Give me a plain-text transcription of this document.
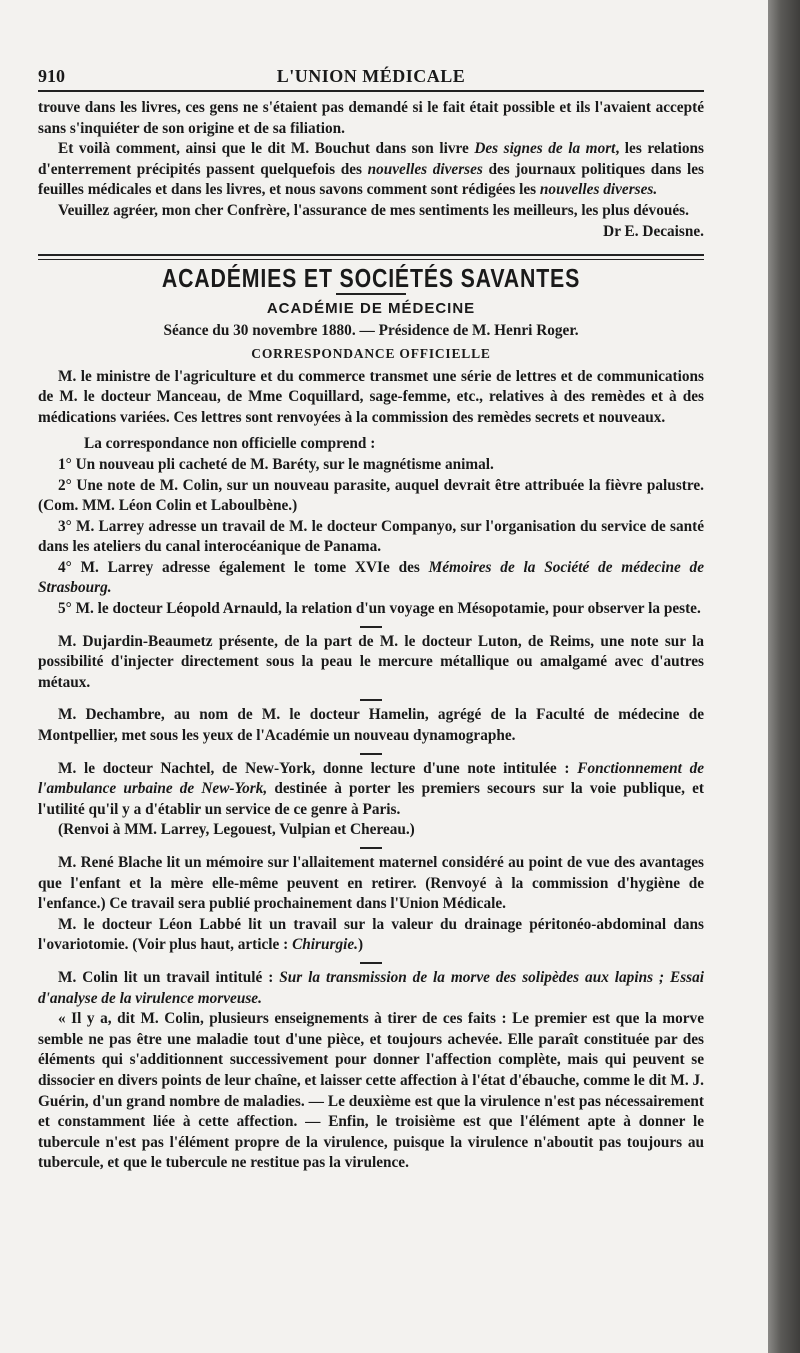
910	L'UNION MÉDICALE

trouve dans les livres, ces gens ne s'étaient pas demandé si le fait était possible et ils l'avaient accepté sans s'inquiéter de son origine et de sa filiation.

Et voilà comment, ainsi que le dit M. Bouchut dans son livre Des signes de la mort, les relations d'enterrement précipités passent quelquefois des nouvelles diverses des journaux politiques dans les feuilles médicales et dans les livres, et nous savons comment sont rédigées les nouvelles diverses.

Veuillez agréer, mon cher Confrère, l'assurance de mes sentiments les meilleurs, les plus dévoués.

Dr E. Decaisne.
ACADÉMIES ET SOCIÉTÉS SAVANTES
ACADÉMIE DE MÉDECINE
Séance du 30 novembre 1880. — Présidence de M. Henri Roger.
CORRESPONDANCE OFFICIELLE

M. le ministre de l'agriculture et du commerce transmet une série de lettres et de communications de M. le docteur Manceau, de Mme Coquillard, sage-femme, etc., relatives à des remèdes et à des médications variées. Ces lettres sont renvoyées à la commission des remèdes secrets et nouveaux.

La correspondance non officielle comprend :

1° Un nouveau pli cacheté de M. Baréty, sur le magnétisme animal.

2° Une note de M. Colin, sur un nouveau parasite, auquel devrait être attribuée la fièvre palustre. (Com. MM. Léon Colin et Laboulbène.)

3° M. Larrey adresse un travail de M. le docteur Companyo, sur l'organisation du service de santé dans les ateliers du canal interocéanique de Panama.

4° M. Larrey adresse également le tome XVIe des Mémoires de la Société de médecine de Strasbourg.

5° M. le docteur Léopold Arnauld, la relation d'un voyage en Mésopotamie, pour observer la peste.

M. Dujardin-Beaumetz présente, de la part de M. le docteur Luton, de Reims, une note sur la possibilité d'injecter directement sous la peau le mercure métallique ou amalgamé avec d'autres métaux.

M. Dechambre, au nom de M. le docteur Hamelin, agrégé de la Faculté de médecine de Montpellier, met sous les yeux de l'Académie un nouveau dynamographe.

M. le docteur Nachtel, de New-York, donne lecture d'une note intitulée : Fonctionnement de l'ambulance urbaine de New-York, destinée à porter les premiers secours sur la voie publique, et l'utilité qu'il y a d'établir un service de ce genre à Paris.

(Renvoi à MM. Larrey, Legouest, Vulpian et Chereau.)

M. René Blache lit un mémoire sur l'allaitement maternel considéré au point de vue des avantages que l'enfant et la mère elle-même peuvent en retirer. (Renvoyé à la commission d'hygiène de l'enfance.) Ce travail sera publié prochainement dans l'Union Médicale.

M. le docteur Léon Labbé lit un travail sur la valeur du drainage péritonéo-abdominal dans l'ovariotomie. (Voir plus haut, article : Chirurgie.)

M. Colin lit un travail intitulé : Sur la transmission de la morve des solipèdes aux lapins ; Essai d'analyse de la virulence morveuse.

« Il y a, dit M. Colin, plusieurs enseignements à tirer de ces faits : Le premier est que la morve semble ne pas être une maladie tout d'une pièce, et toujours achevée. Elle paraît constituée par des éléments qui s'additionnent successivement pour donner l'affection complète, mais qui peuvent se dissocier en divers points de leur chaîne, et laisser cette affection à l'état d'ébauche, comme le dit M. J. Guérin, d'un grand nombre de maladies. — Le deuxième est que la virulence n'est pas nécessairement et constamment liée à cette affection. — Enfin, le troisième est que l'élément apte à donner le tubercule n'est pas l'élément propre de la virulence, puisque la virulence n'aboutit pas toujours au tubercule, et que le tubercule ne restitue pas la virulence.
